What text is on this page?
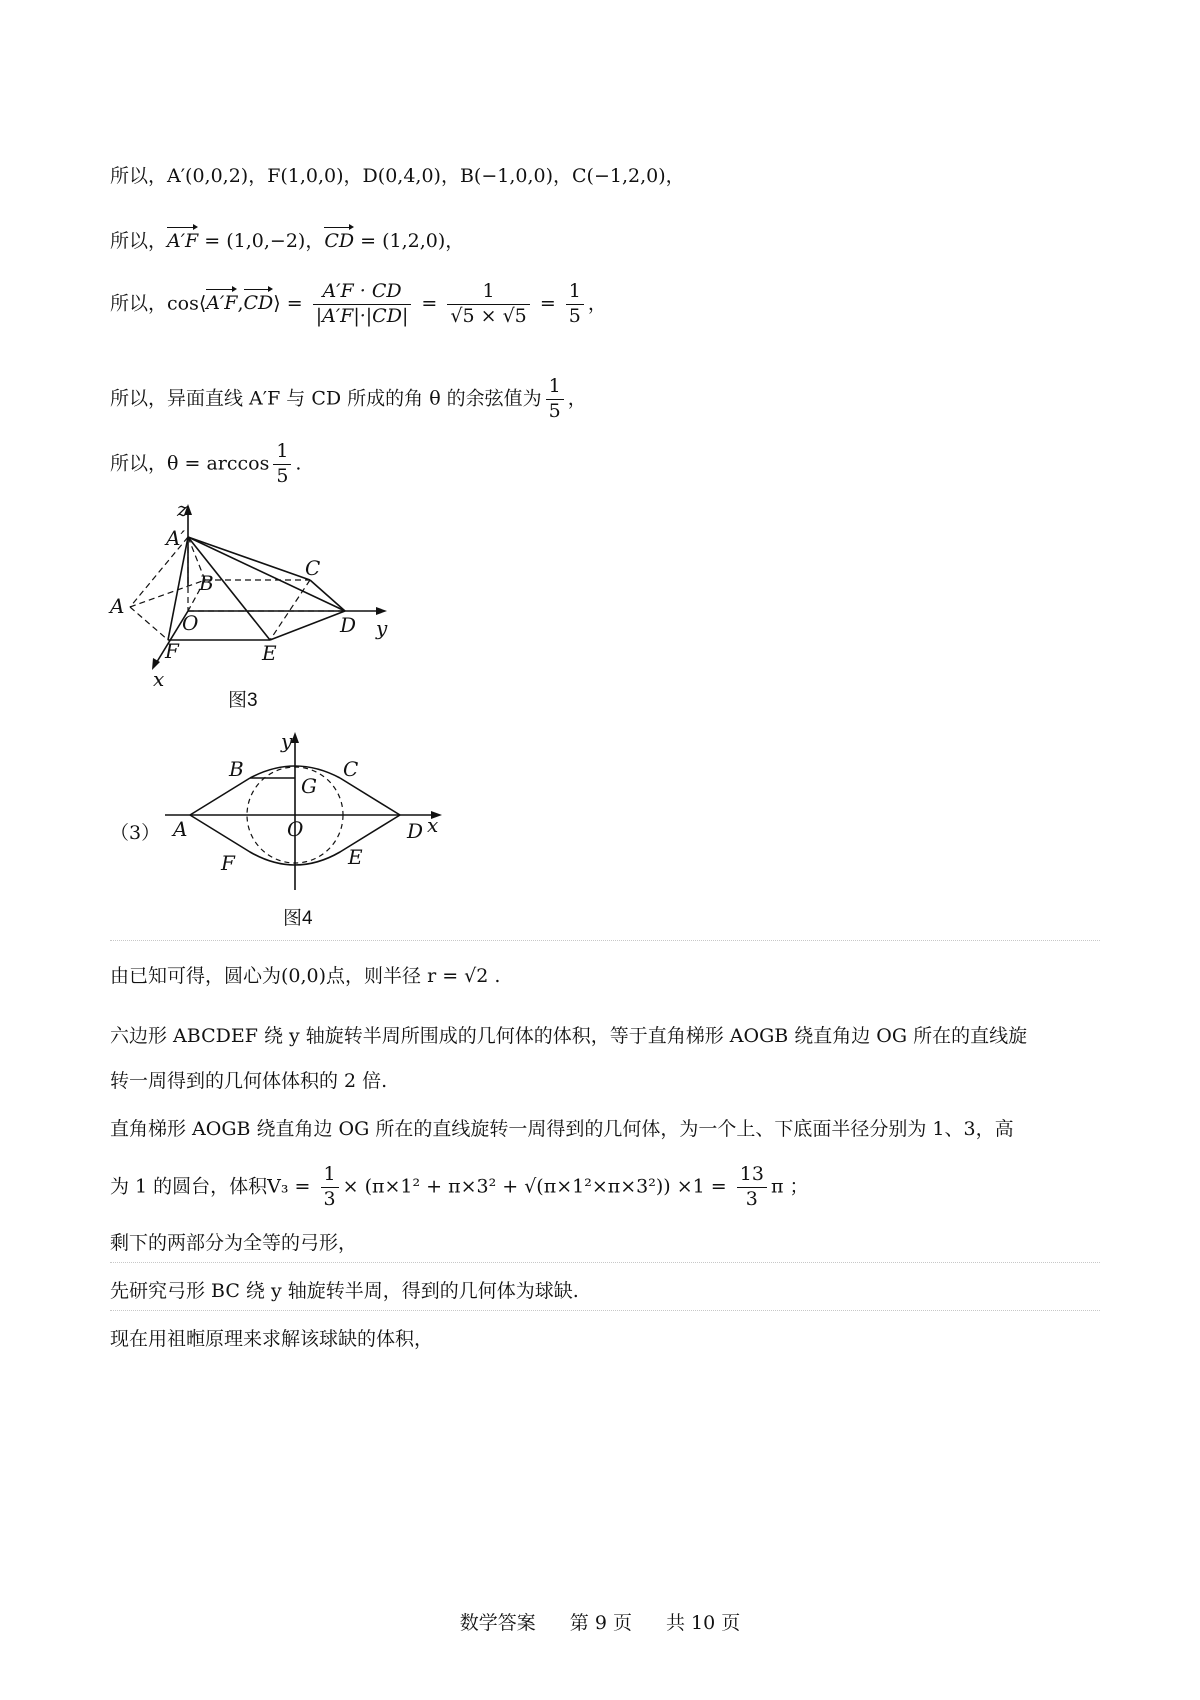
所以，A′(0,0,2)，F(1,0,0)，D(0,4,0)，B(−1,0,0)，C(−1,2,0)，
所以，A′F = (1,0,−2)，CD = (1,2,0)，
所以，cos⟨A′F,CD⟩ = $\frac{A'F \cdot CD}{|A'F|\cdot|CD|} = \frac{1}{√5 \times √5} = \frac{1}{5}$ ，
所以，异面直线 A′F 与 CD 所成的角 θ 的余弦值为 $\frac{1}{5}$ ，
所以，$\theta = \arccos \frac{1}{5}$ .
z
A′
C
B
A
O	D y
F	E
x
图3
（3）
y
B
G
C
A	O	D x
F	E
图4
由已知可得，圆心为(0,0)点，则半径 r = √2 .
六边形 ABCDEF 绕 y 轴旋转半周所围成的几何体的体积，等于直角梯形 AOGB 绕直角边 OG 所在的直线旋
转一周得到的几何体体积的 2 倍.
直角梯形 AOGB 绕直角边 OG 所在的直线旋转一周得到的几何体，为一个上、下底面半径分别为 1、3，高
为 1 的圆台，体积$V_3 = \frac{1}{3} \times (\pi\times 1^2 + \pi\times 3^2 + √(\pi\times 1^2\times\pi\times 3^2)) \times 1 = \frac{13}{3}$ π ；
剩下的两部分为全等的弓形，
先研究弓形 BC 绕 y 轴旋转半周，得到的几何体为球缺.
现在用祖暅原理来求解该球缺的体积，
数学答案 第 9 页 共 10 页
